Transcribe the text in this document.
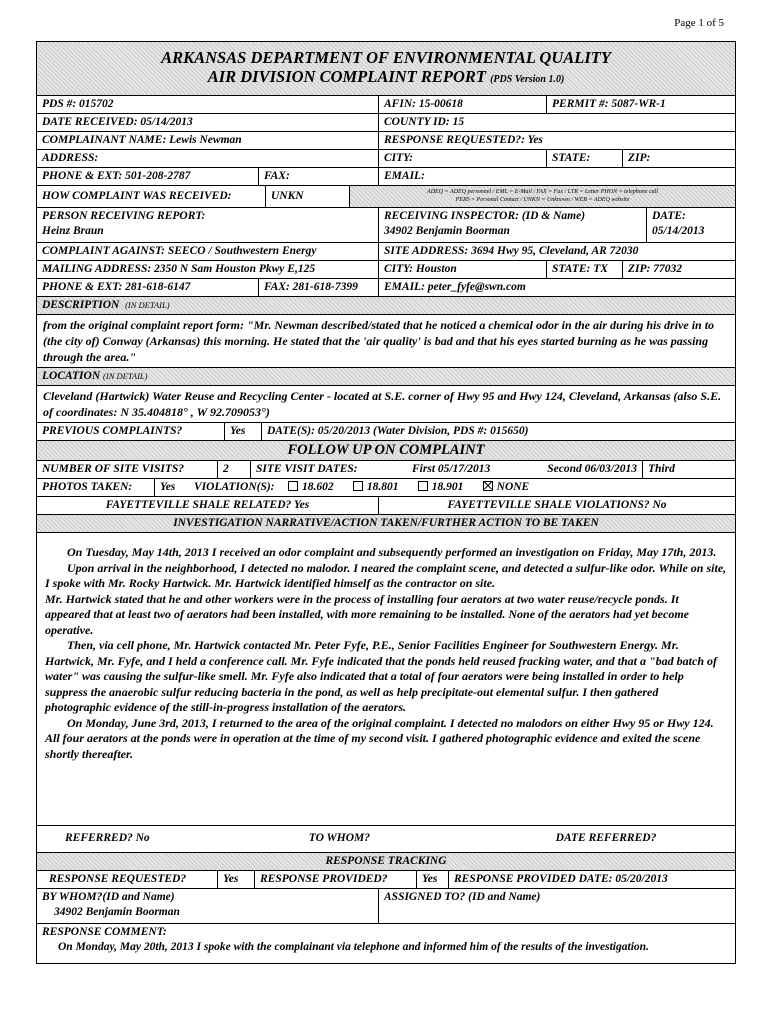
Page 1 of 5
ARKANSAS DEPARTMENT OF ENVIRONMENTAL QUALITY
AIR DIVISION COMPLAINT REPORT (PDS Version 1.0)
PDS #: 015702	AFIN: 15-00618	PERMIT #: 5087-WR-1
DATE RECEIVED: 05/14/2013	COUNTY ID: 15
COMPLAINANT NAME: Lewis Newman	RESPONSE REQUESTED?: Yes
ADDRESS:	CITY:	STATE:	ZIP:
PHONE & EXT: 501-208-2787	FAX:	EMAIL:
HOW COMPLAINT WAS RECEIVED:	UNKN	ADEQ = ADEQ personnel / EML = E-Mail / FAX = Fax / LTR = Letter PHON = telephone call
PERS = Personal Contact / UNKN = Unknown / WEB = ADEQ website
PERSON RECEIVING REPORT:
Heinz Braun
RECEIVING INSPECTOR: (ID & Name)
34902 Benjamin Boorman
DATE:
05/14/2013
COMPLAINT AGAINST: SEECO / Southwestern Energy	SITE ADDRESS: 3694 Hwy 95, Cleveland, AR 72030
MAILING ADDRESS: 2350 N Sam Houston Pkwy E,125	CITY: Houston	STATE: TX	ZIP: 77032
PHONE & EXT: 281-618-6147	FAX: 281-618-7399	EMAIL: peter_fyfe@swn.com
DESCRIPTION (IN DETAIL)
from the original complaint report form: "Mr. Newman described/stated that he noticed a chemical odor in the air during his drive in to (the city of) Conway (Arkansas) this morning. He stated that the 'air quality' is bad and that his eyes started burning as he was passing through the area."
LOCATION (IN DETAIL)
Cleveland (Hartwick) Water Reuse and Recycling Center - located at S.E. corner of Hwy 95 and Hwy 124, Cleveland, Arkansas (also S.E. of coordinates: N 35.404818° , W 92.709053°)
PREVIOUS COMPLAINTS?	Yes	DATE(S): 05/20/2013 (Water Division, PDS #: 015650)
FOLLOW UP ON COMPLAINT
NUMBER OF SITE VISITS?	2	SITE VISIT DATES:	First 05/17/2013	Second 06/03/2013 Third
PHOTOS TAKEN:	Yes	VIOLATION(S): 18.602	18.801	18.901	NONE
FAYETTEVILLE SHALE RELATED? Yes	FAYETTEVILLE SHALE VIOLATIONS? No
INVESTIGATION NARRATIVE/ACTION TAKEN/FURTHER ACTION TO BE TAKEN

On Tuesday, May 14th, 2013 I received an odor complaint and subsequently performed an investigation on Friday, May 17th, 2013.

Upon arrival in the neighborhood, I detected no malodor. I neared the complaint scene, and detected a sulfur-like odor. While on site, I spoke with Mr. Rocky Hartwick. Mr. Hartwick identified himself as the contractor on site.

Mr. Hartwick stated that he and other workers were in the process of installing four aerators at two water reuse/recycle ponds. It appeared that at least two of aerators had been installed, with more remaining to be installed. None of the aerators had yet become operative.

Then, via cell phone, Mr. Hartwick contacted Mr. Peter Fyfe, P.E., Senior Facilities Engineer for Southwestern Energy. Mr. Hartwick, Mr. Fyfe, and I held a conference call. Mr. Fyfe indicated that the ponds held reused fracking water, and that a "bad batch of water" was causing the sulfur-like smell. Mr. Fyfe also indicated that a total of four aerators were being installed in order to help suppress the anaerobic sulfur reducing bacteria in the pond, as well as help precipitate-out elemental sulfur. I then gathered photographic evidence of the still-in-progress installation of the aerators.

On Monday, June 3rd, 2013, I returned to the area of the original complaint. I detected no malodors on either Hwy 95 or Hwy 124. All four aerators at the ponds were in operation at the time of my second visit. I gathered photographic evidence and exited the scene shortly thereafter.

REFERRED? No	TO WHOM?	DATE REFERRED?
RESPONSE TRACKING
RESPONSE REQUESTED?	Yes	RESPONSE PROVIDED?	Yes	RESPONSE PROVIDED DATE: 05/20/2013
BY WHOM?(ID and Name)
34902 Benjamin Boorman
ASSIGNED TO? (ID and Name)
RESPONSE COMMENT:
On Monday, May 20th, 2013 I spoke with the complainant via telephone and informed him of the results of the investigation.
